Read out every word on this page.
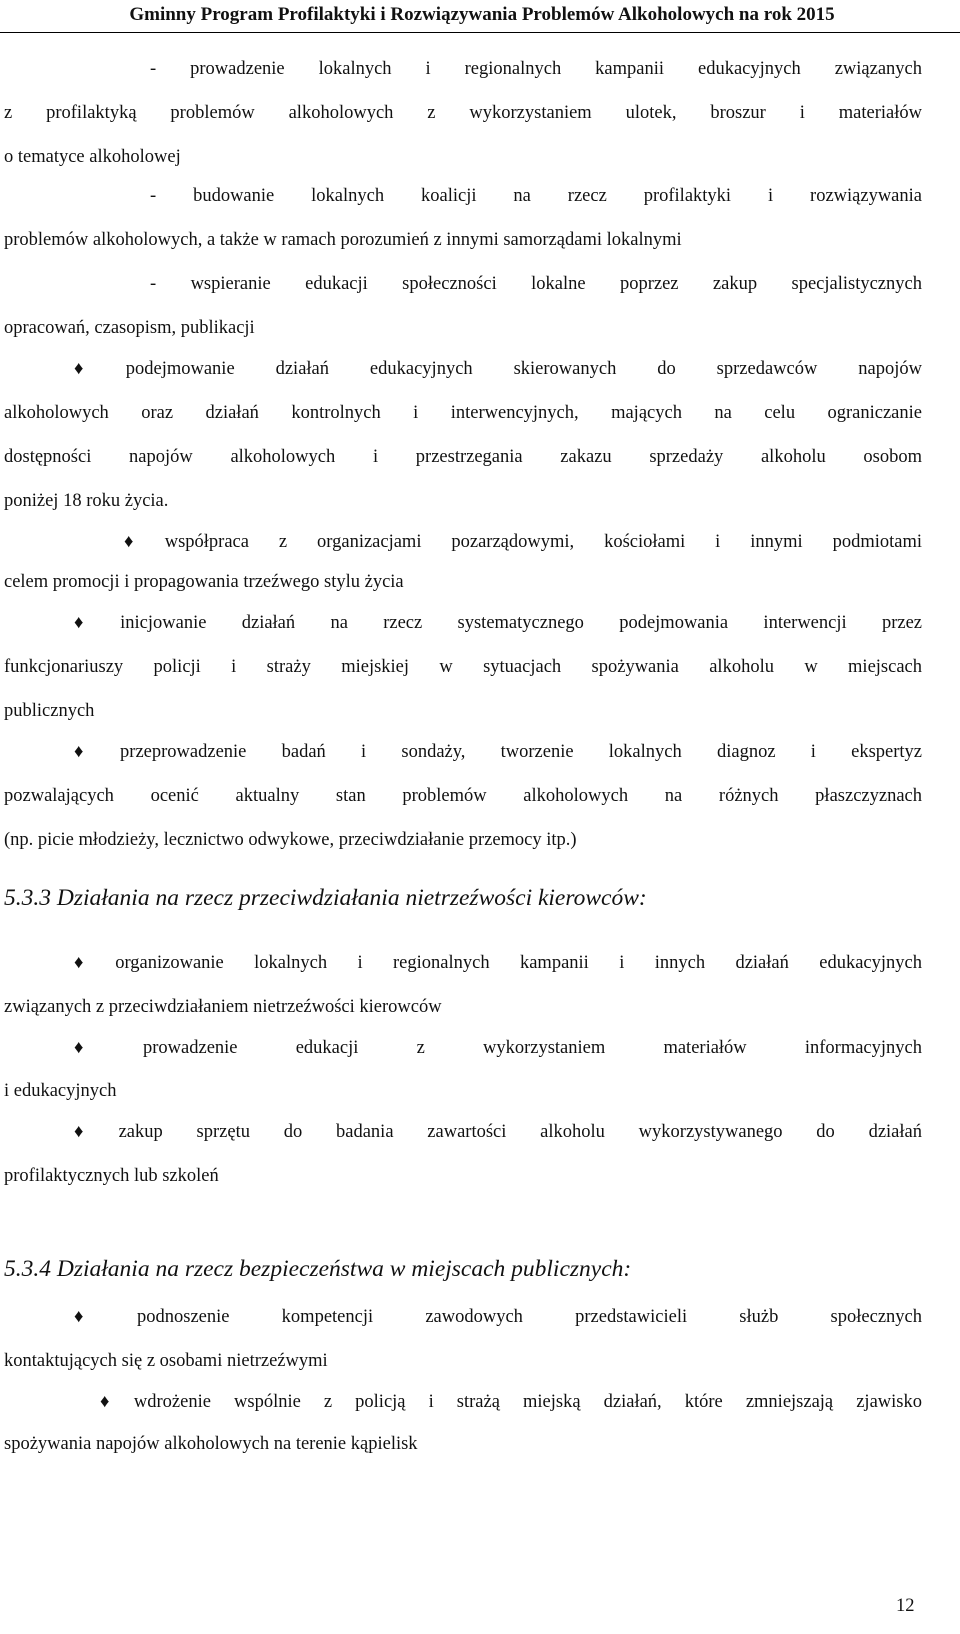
Gminny Program Profilaktyki i Rozwiązywania Problemów Alkoholowych na rok 2015
- prowadzenie lokalnych i regionalnych kampanii edukacyjnych związanych
z profilaktyką problemów alkoholowych z wykorzystaniem ulotek, broszur i materiałów
o tematyce alkoholowej
- budowanie lokalnych koalicji na rzecz profilaktyki i rozwiązywania
problemów alkoholowych, a także w ramach porozumień z innymi samorządami lokalnymi
- wspieranie edukacji społeczności lokalne poprzez zakup specjalistycznych
opracowań, czasopism, publikacji
♦ podejmowanie działań edukacyjnych skierowanych do sprzedawców napojów
alkoholowych oraz działań kontrolnych i interwencyjnych, mających na celu ograniczanie
dostępności napojów alkoholowych i przestrzegania zakazu sprzedaży alkoholu osobom
poniżej 18 roku życia.
♦ współpraca z organizacjami pozarządowymi, kościołami i innymi podmiotami
celem promocji i propagowania trzeźwego stylu życia
♦ inicjowanie działań na rzecz systematycznego podejmowania interwencji przez
funkcjonariuszy policji i straży miejskiej w sytuacjach spożywania alkoholu w miejscach
publicznych
♦ przeprowadzenie badań i sondaży, tworzenie lokalnych diagnoz i ekspertyz
pozwalających ocenić aktualny stan problemów alkoholowych na różnych płaszczyznach
(np. picie młodzieży, lecznictwo odwykowe, przeciwdziałanie przemocy itp.)
5.3.3 Działania na rzecz przeciwdziałania nietrzeźwości kierowców:
♦ organizowanie lokalnych i regionalnych kampanii i innych działań edukacyjnych
związanych z przeciwdziałaniem nietrzeźwości kierowców
♦ prowadzenie edukacji z wykorzystaniem materiałów informacyjnych
i edukacyjnych
♦ zakup sprzętu do badania zawartości alkoholu wykorzystywanego do działań
profilaktycznych lub szkoleń
5.3.4 Działania na rzecz bezpieczeństwa w miejscach publicznych:
♦ podnoszenie kompetencji zawodowych przedstawicieli służb społecznych
kontaktujących się z osobami nietrzeźwymi
♦ wdrożenie wspólnie z policją i strażą miejską działań, które zmniejszają zjawisko
spożywania napojów alkoholowych na terenie kąpielisk
12
